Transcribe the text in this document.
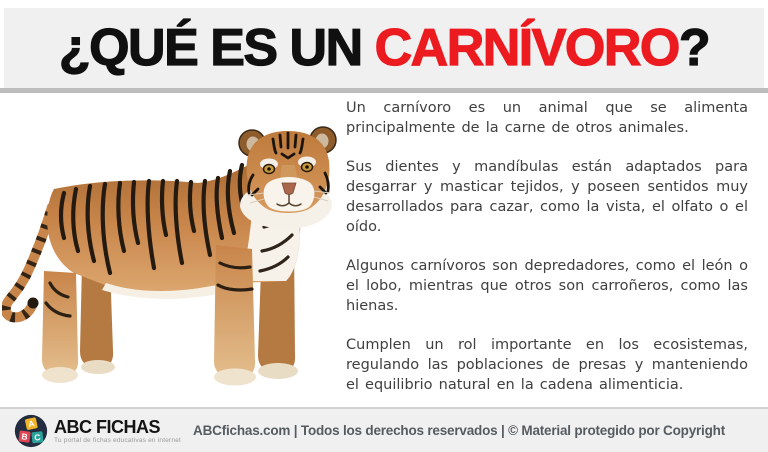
¿QUÉ ES UN CARNÍVORO?

Un carnívoro es un animal que se alimenta principalmente de la carne de otros animales.

Sus dientes y mandíbulas están adaptados para desgarrar y masticar tejidos, y poseen sentidos muy desarrollados para cazar, como la vista, el olfato o el oído.

Algunos carnívoros son depredadores, como el león o el lobo, mientras que otros son carroñeros, como las hienas.

Cumplen un rol importante en los ecosistemas, regulando las poblaciones de presas y manteniendo el equilibrio natural en la cadena alimenticia.

A
B C
ABC FICHAS
Tu portal de fichas educativas en internet
ABCfichas.com | Todos los derechos reservados | © Material protegido por Copyright
